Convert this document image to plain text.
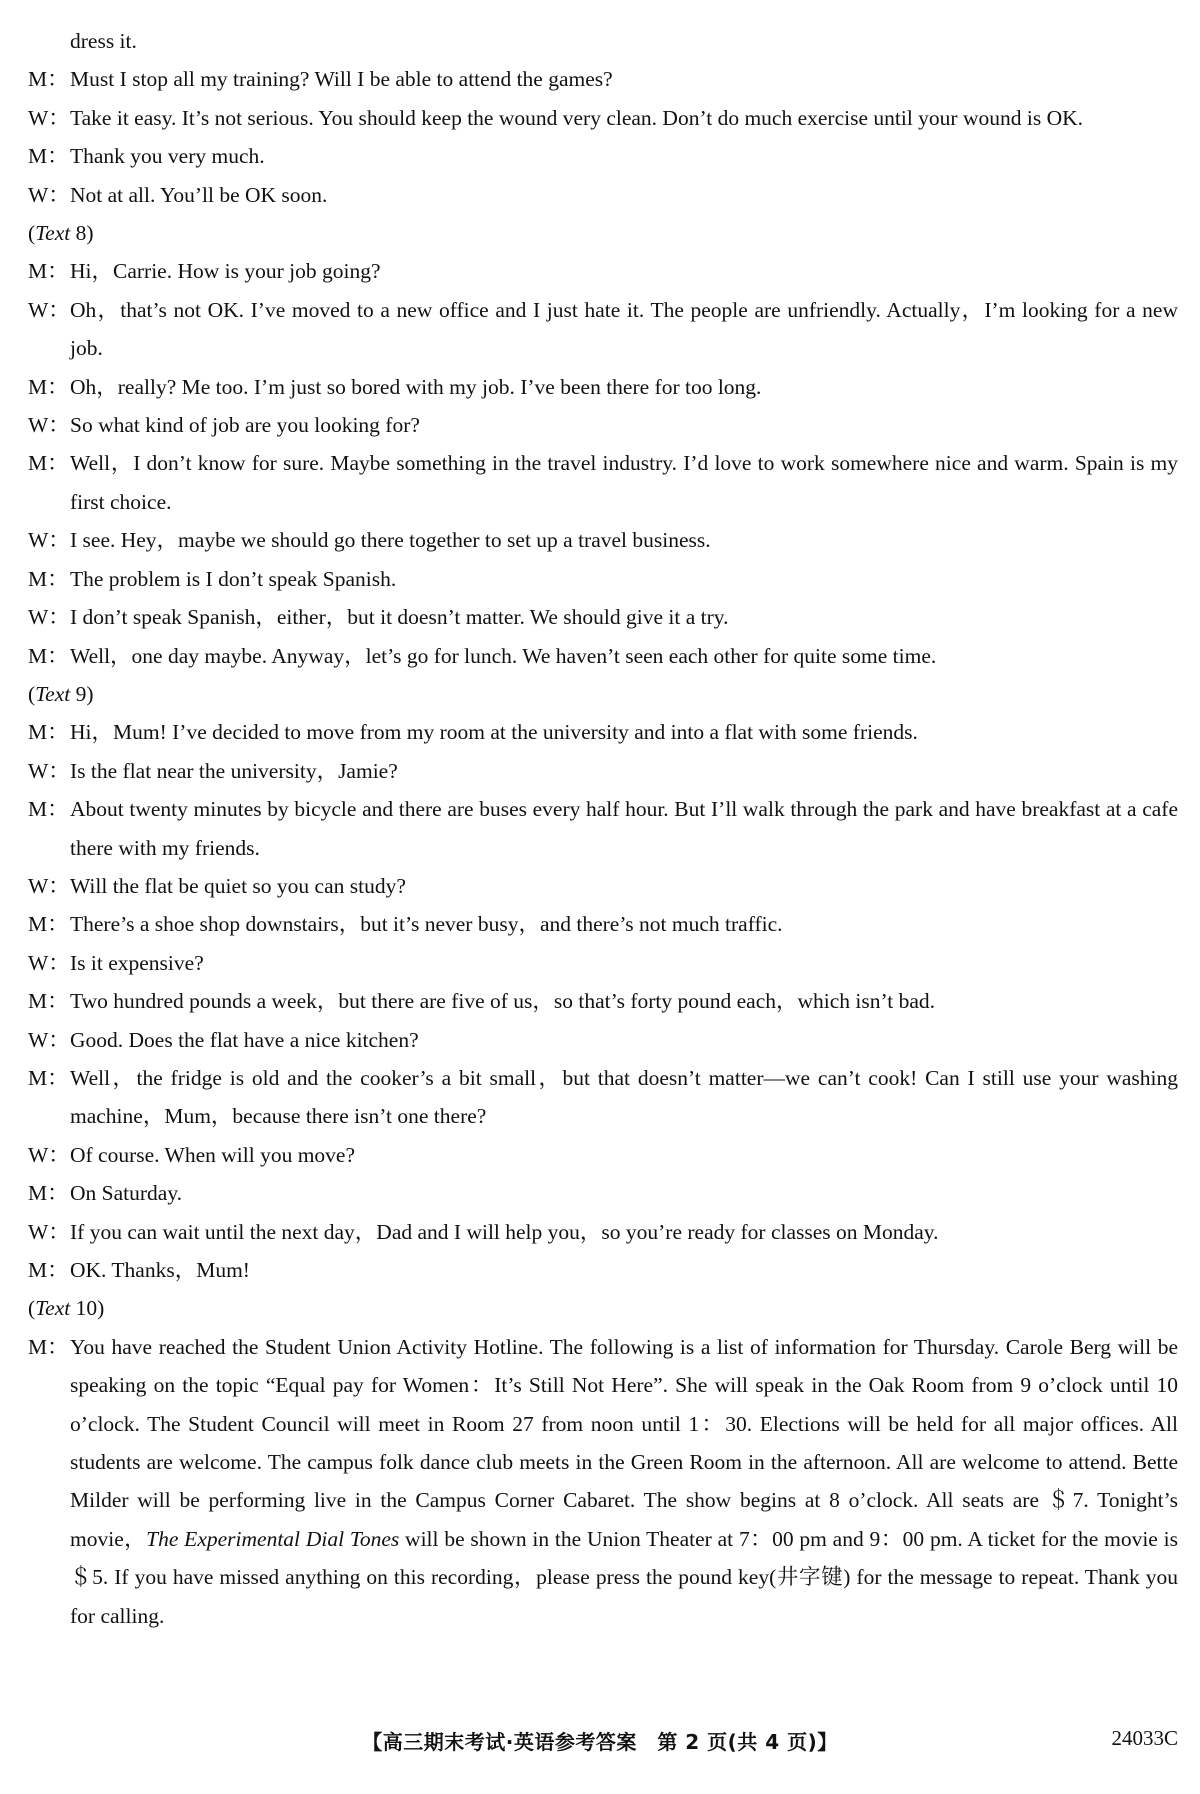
dress it.

M： Must I stop all my training? Will I be able to attend the games?
W： Take it easy. It’s not serious. You should keep the wound very clean. Don’t do much exercise until your wound is OK.
M： Thank you very much.
W： Not at all. You’ll be OK soon.
(Text 8)
M： Hi，Carrie. How is your job going?
W： Oh，that’s not OK. I’ve moved to a new office and I just hate it. The people are unfriendly. Actually，I’m looking for a new job.
M： Oh，really? Me too. I’m just so bored with my job. I’ve been there for too long.
W： So what kind of job are you looking for?
M： Well，I don’t know for sure. Maybe something in the travel industry. I’d love to work somewhere nice and warm. Spain is my first choice.
W： I see. Hey，maybe we should go there together to set up a travel business.
M： The problem is I don’t speak Spanish.
W： I don’t speak Spanish，either，but it doesn’t matter. We should give it a try.
M： Well，one day maybe. Anyway，let’s go for lunch. We haven’t seen each other for quite some time.
(Text 9)
M： Hi，Mum! I’ve decided to move from my room at the university and into a flat with some friends.
W： Is the flat near the university，Jamie?
M： About twenty minutes by bicycle and there are buses every half hour. But I’ll walk through the park and have breakfast at a cafe there with my friends.
W： Will the flat be quiet so you can study?
M： There’s a shoe shop downstairs，but it’s never busy，and there’s not much traffic.
W： Is it expensive?
M： Two hundred pounds a week，but there are five of us，so that’s forty pound each，which isn’t bad.
W： Good. Does the flat have a nice kitchen?
M： Well，the fridge is old and the cooker’s a bit small，but that doesn’t matter—we can’t cook! Can I still use your washing machine，Mum，because there isn’t one there?
W： Of course. When will you move?
M： On Saturday.
W： If you can wait until the next day，Dad and I will help you，so you’re ready for classes on Monday.
M： OK. Thanks，Mum!
(Text 10)
M： You have reached the Student Union Activity Hotline. The following is a list of information for Thursday. Carole Berg will be speaking on the topic “Equal pay for Women：It’s Still Not Here”. She will speak in the Oak Room from 9 o’clock until 10 o’clock. The Student Council will meet in Room 27 from noon until 1：30. Elections will be held for all major offices. All students are welcome. The campus folk dance club meets in the Green Room in the afternoon. All are welcome to attend. Bette Milder will be performing live in the Campus Corner Cabaret. The show begins at 8 o’clock. All seats are ＄7. Tonight’s movie，The Experimental Dial Tones will be shown in the Union Theater at 7：00 pm and 9：00 pm. A ticket for the movie is ＄5. If you have missed anything on this recording，please press the pound key(井字键) for the message to repeat. Thank you for calling.
【高三期末考试·英语参考答案　第 2 页(共 4 页)】	24033C
